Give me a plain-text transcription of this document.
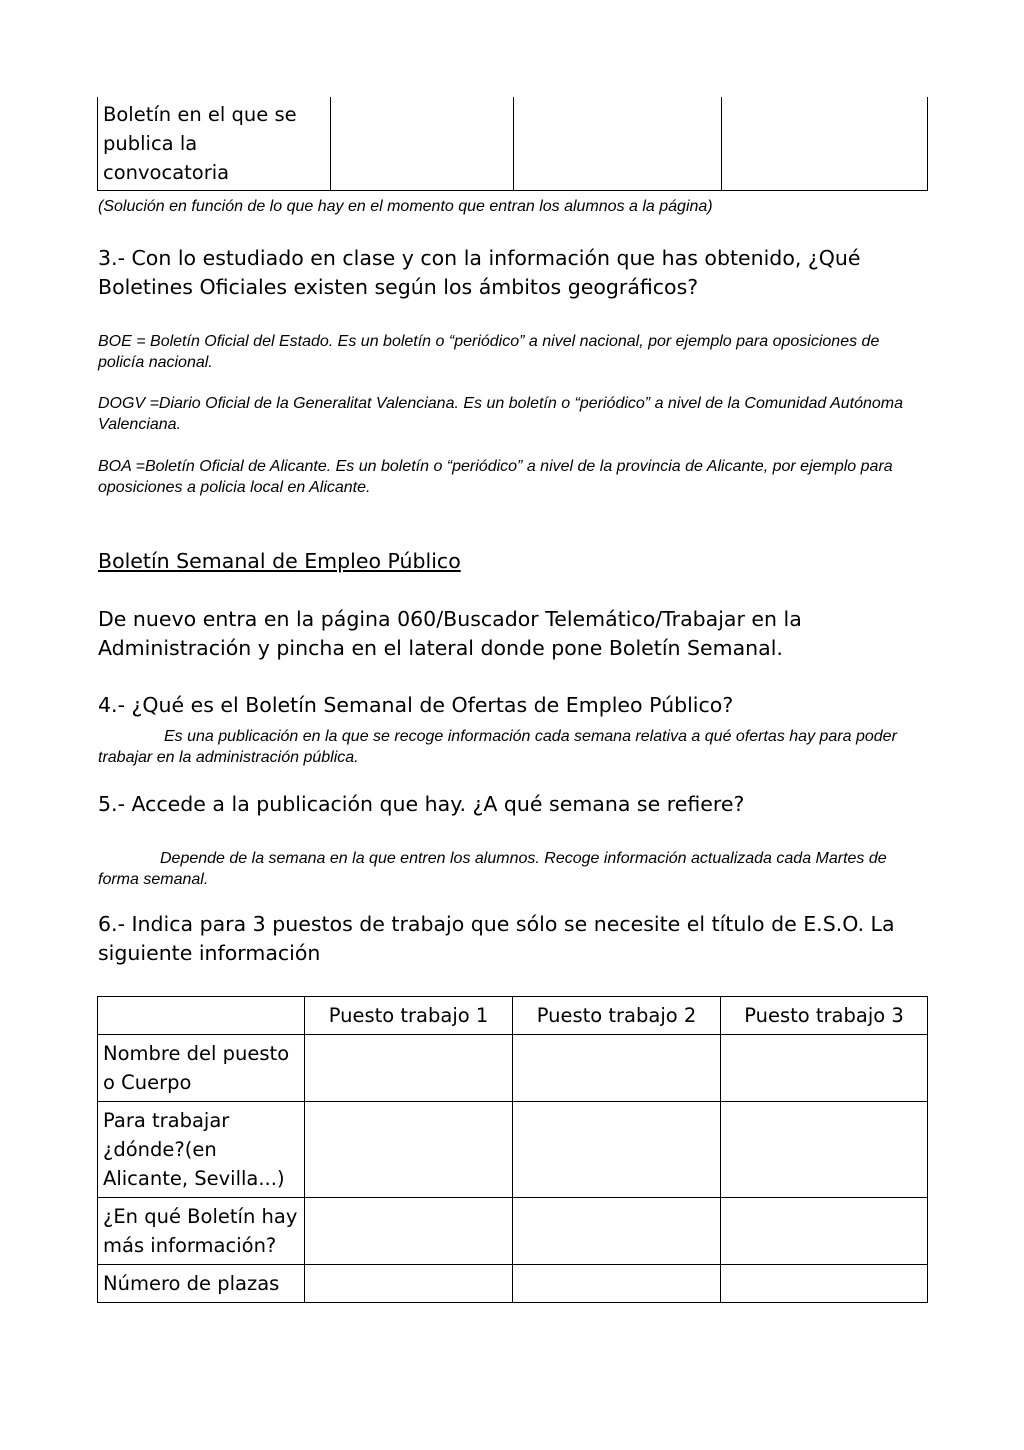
Boletín en el que se publica la convocatoria			

(Solución en función de lo que hay en el momento que entran los alumnos a la página)

3.- Con lo estudiado en clase y con la información que has obtenido, ¿Qué Boletines Oficiales existen según los ámbitos geográficos?

BOE = Boletín Oficial del Estado. Es un boletín o “periódico” a nivel nacional, por ejemplo para oposiciones de policía nacional.

DOGV =Diario Oficial de la Generalitat Valenciana. Es un boletín o “periódico” a nivel de la Comunidad Autónoma Valenciana.

BOA =Boletín Oficial de Alicante. Es un boletín o “periódico” a nivel de la provincia de Alicante, por ejemplo para oposiciones a policia local en Alicante.

Boletín Semanal de Empleo Público

De nuevo entra en la página 060/Buscador Telemático/Trabajar en la Administración y pincha en el lateral donde pone Boletín Semanal.

4.- ¿Qué es el Boletín Semanal de Ofertas de Empleo Público?

Es una publicación en la que se recoge información cada semana relativa a qué ofertas hay para poder trabajar en la administración pública.

5.- Accede a la publicación que hay. ¿A qué semana se refiere?

Depende de la semana en la que entren los alumnos. Recoge información actualizada cada Martes de forma semanal.

6.- Indica para 3 puestos de trabajo que sólo se necesite el título de E.S.O. La siguiente información

	Puesto trabajo 1	Puesto trabajo 2	Puesto trabajo 3
Nombre del puesto o Cuerpo			
Para trabajar ¿dónde?(en Alicante, Sevilla...)			
¿En qué Boletín hay más información?			
Número de plazas			
